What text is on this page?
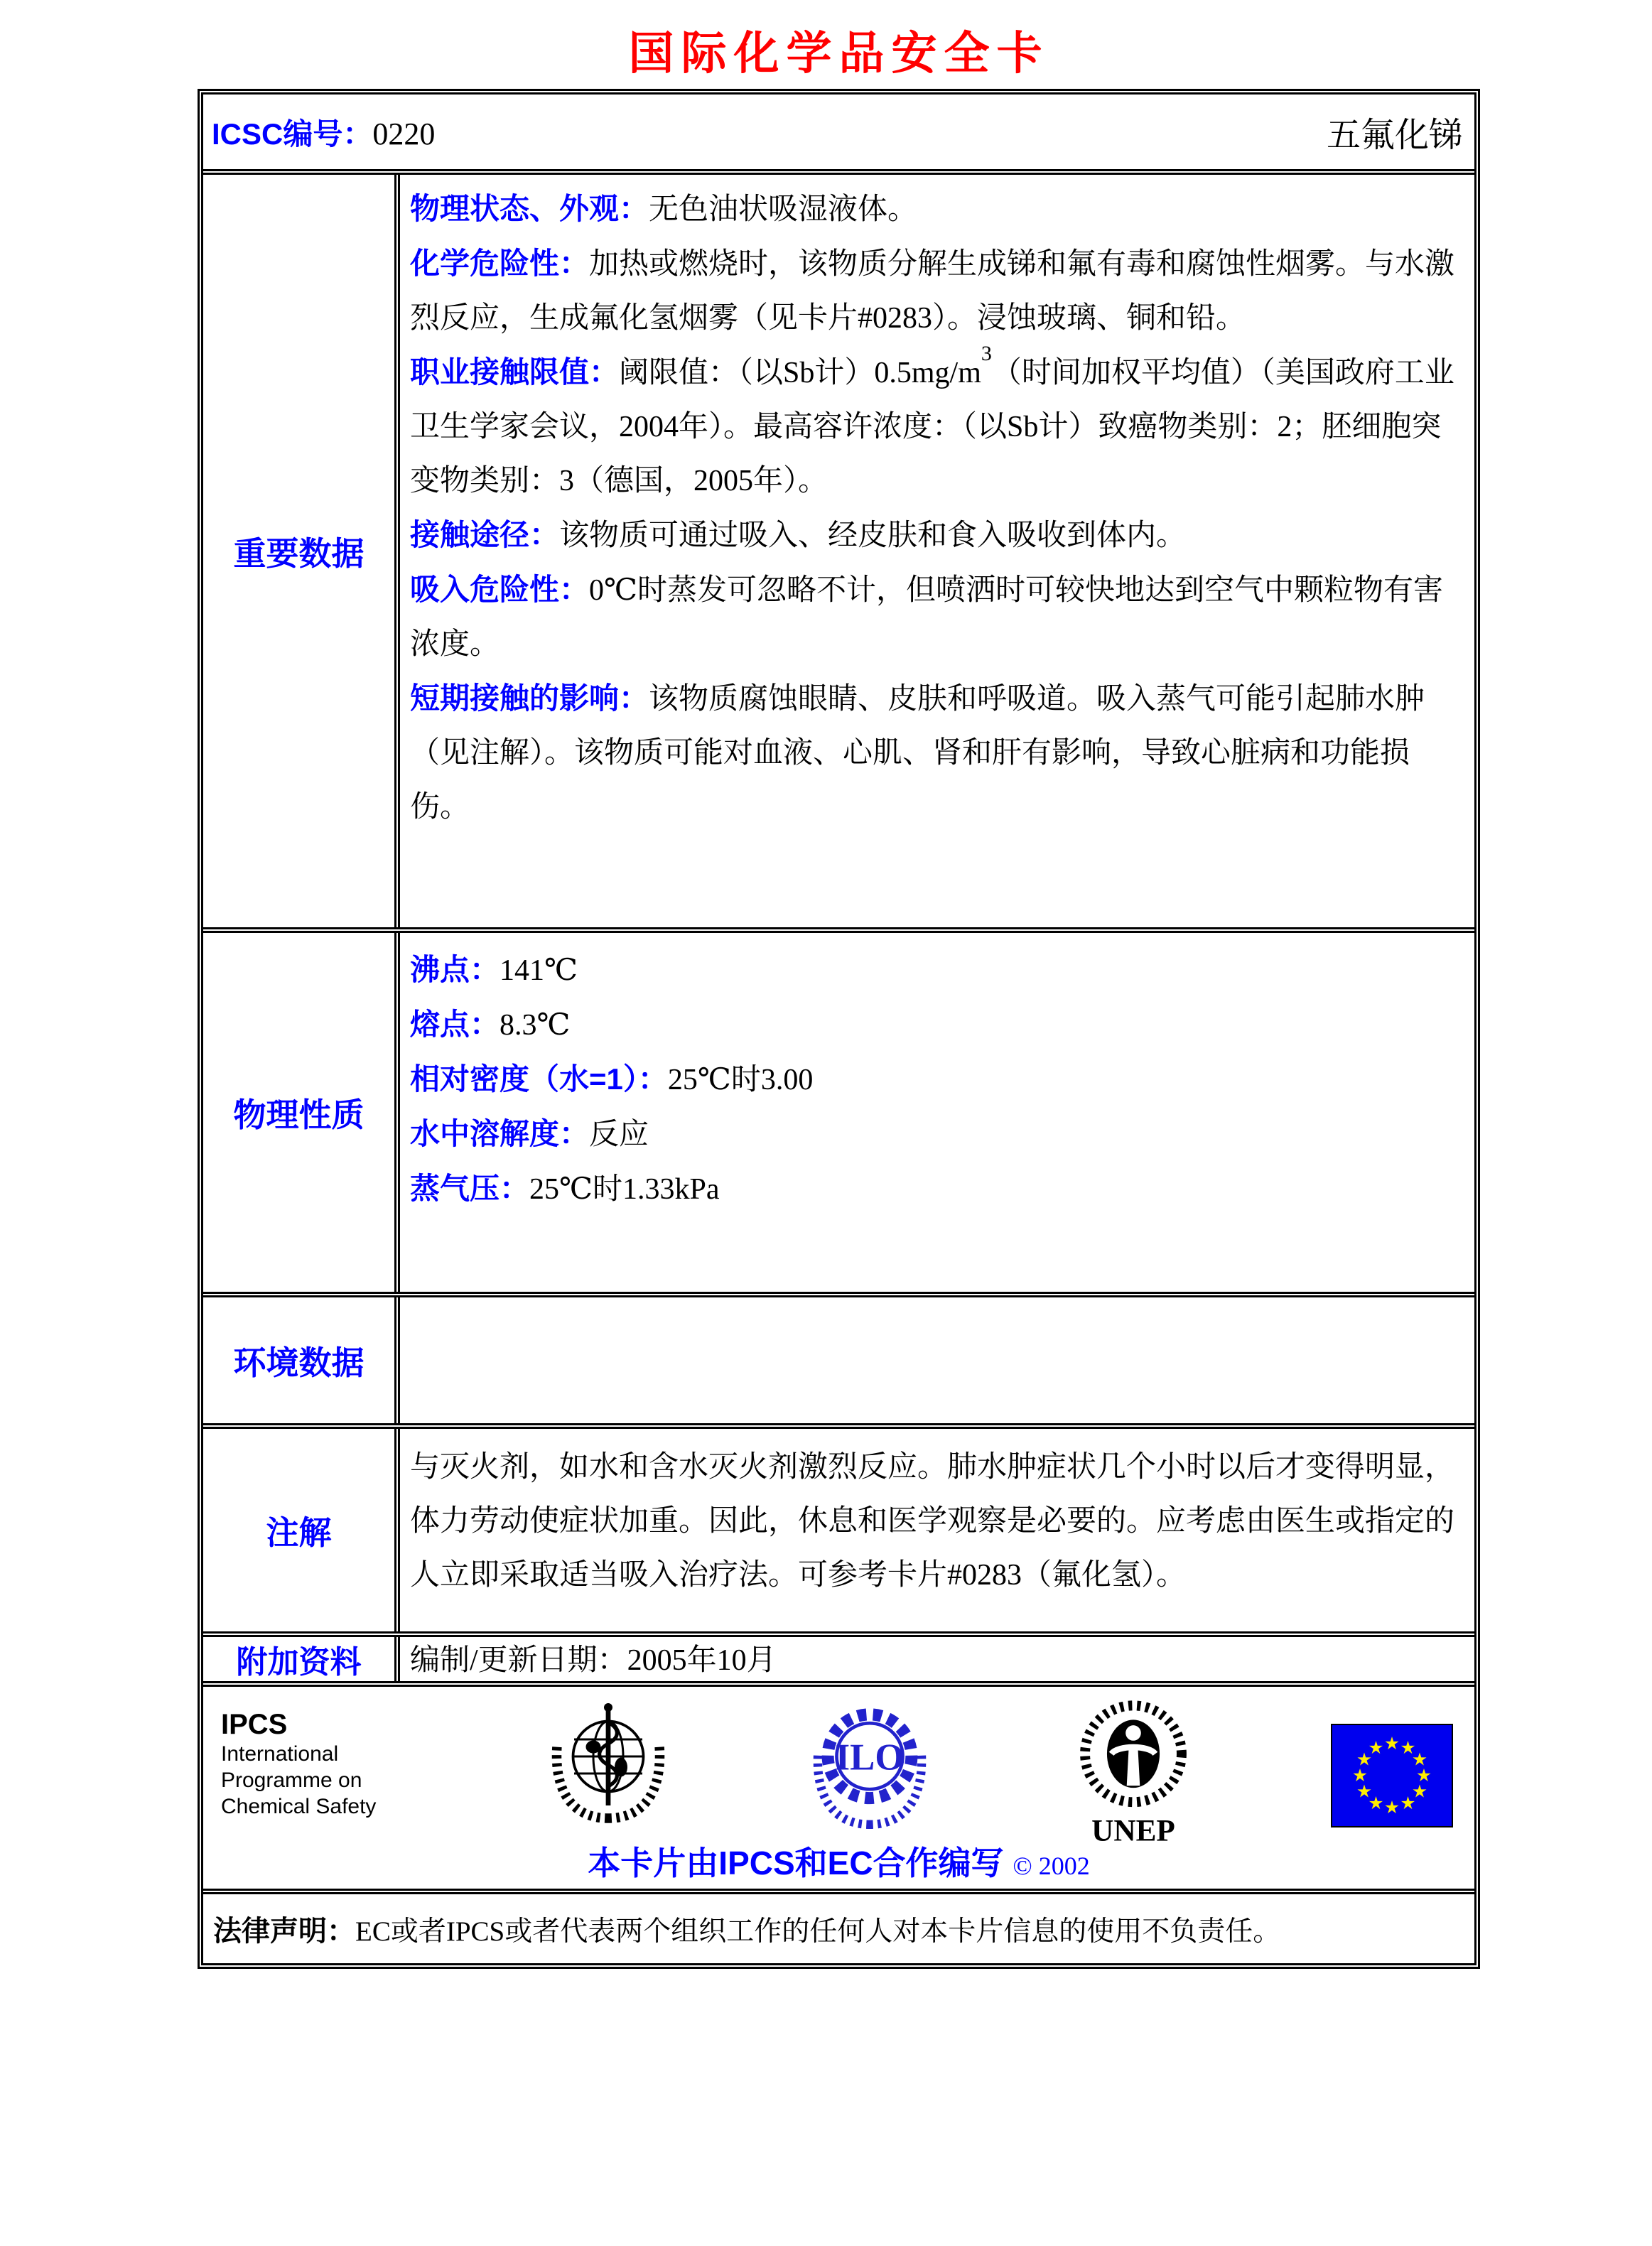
国际化学品安全卡
ICSC编号：0220	五氟化锑
重要数据

物理状态、外观：无色油状吸湿液体。

化学危险性：加热或燃烧时，该物质分解生成锑和氟有毒和腐蚀性烟雾。与水激烈反应，生成氟化氢烟雾（见卡片#0283）。浸蚀玻璃、铜和铅。

职业接触限值：阈限值：（以Sb计）$0.5mg/m^3$（时间加权平均值）（美国政府工业卫生学家会议，2004年）。最高容许浓度：（以Sb计）致癌物类别：2；胚细胞突变物类别：3（德国，2005年）。

接触途径：该物质可通过吸入、经皮肤和食入吸收到体内。

吸入危险性：0℃时蒸发可忽略不计，但喷洒时可较快地达到空气中颗粒物有害浓度。

短期接触的影响：该物质腐蚀眼睛、皮肤和呼吸道。吸入蒸气可能引起肺水肿（见注解）。该物质可能对血液、心肌、肾和肝有影响，导致心脏病和功能损伤。

物理性质

沸点：141℃

熔点：8.3℃

相对密度（水=1）：25℃时3.00

水中溶解度：反应

蒸气压：25℃时1.33kPa

环境数据
注解

与灭火剂，如水和含水灭火剂激烈反应。肺水肿症状几个小时以后才变得明显，体力劳动使症状加重。因此，休息和医学观察是必要的。应考虑由医生或指定的人立即采取适当吸入治疗法。可参考卡片#0283（氟化氢）。

附加资料	编制/更新日期：2005年10月

IPCS
International
Programme on
Chemical Safety
ILO
UNEP
本卡片由IPCS和EC合作编写 © 2002
法律声明： EC或者IPCS或者代表两个组织工作的任何人对本卡片信息的使用不负责任。
